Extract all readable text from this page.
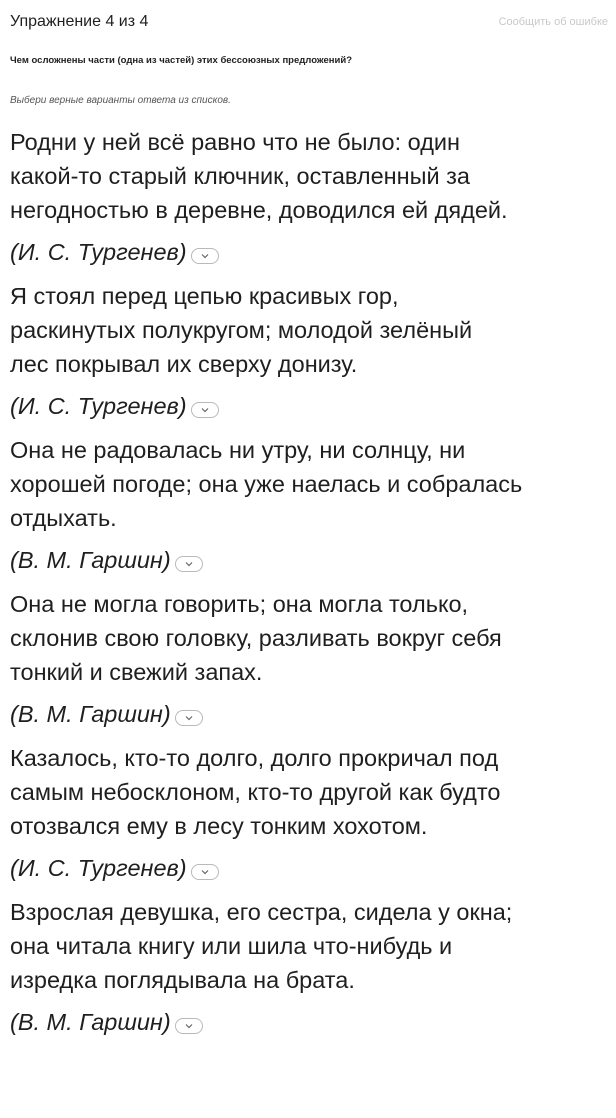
Упражнение 4 из 4	Сообщить об ошибке
Чем осложнены части (одна из частей) этих бессоюзных предложений?
Выбери верные варианты ответа из списков.
Родни у ней всё равно что не было: один
какой-то старый ключник, оставленный за
негодностью в деревне, доводился ей дядей.
(И. С. Тургенев)
Я стоял перед цепью красивых гор,
раскинутых полукругом; молодой зелёный
лес покрывал их сверху донизу.
(И. С. Тургенев)
Она не радовалась ни утру, ни солнцу, ни
хорошей погоде; она уже наелась и собралась
отдыхать.
(В. М. Гаршин)
Она не могла говорить; она могла только,
склонив свою головку, разливать вокруг себя
тонкий и свежий запах.
(В. М. Гаршин)
Казалось, кто-то долго, долго прокричал под
самым небосклоном, кто-то другой как будто
отозвался ему в лесу тонким хохотом.
(И. С. Тургенев)
Взрослая девушка, его сестра, сидела у окна;
она читала книгу или шила что-нибудь и
изредка поглядывала на брата.
(В. М. Гаршин)
